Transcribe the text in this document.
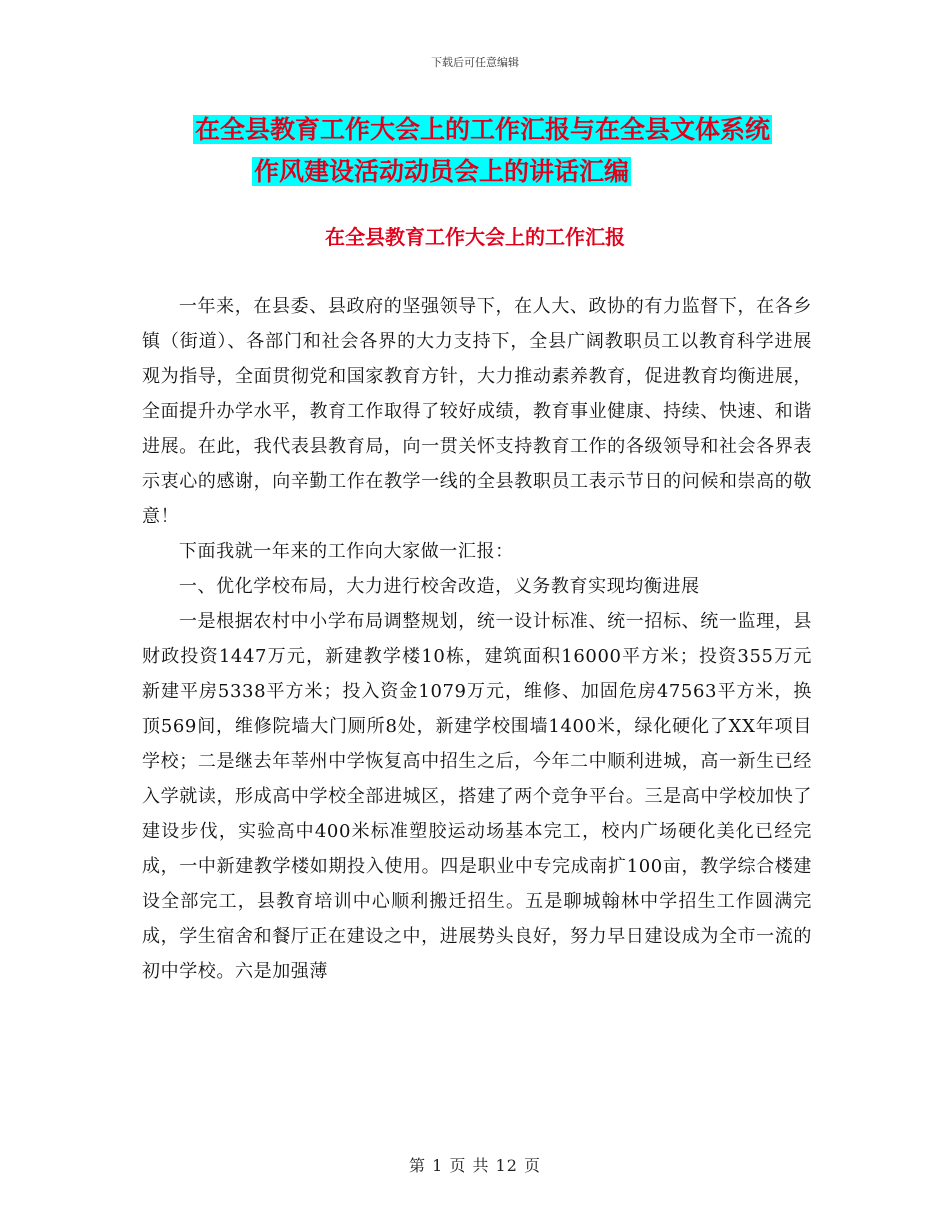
下载后可任意编辑
在全县教育工作大会上的工作汇报与在全县文体系统
作风建设活动动员会上的讲话汇编
在全县教育工作大会上的工作汇报

一年来，在县委、县政府的坚强领导下，在人大、政协的有力监督下，在各乡镇（街道）、各部门和社会各界的大力支持下，全县广阔教职员工以教育科学进展观为指导，全面贯彻党和国家教育方针，大力推动素养教育，促进教育均衡进展，全面提升办学水平，教育工作取得了较好成绩，教育事业健康、持续、快速、和谐进展。在此，我代表县教育局，向一贯关怀支持教育工作的各级领导和社会各界表示衷心的感谢，向辛勤工作在教学一线的全县教职员工表示节日的问候和崇高的敬意！

下面我就一年来的工作向大家做一汇报：

一、优化学校布局，大力进行校舍改造，义务教育实现均衡进展

一是根据农村中小学布局调整规划，统一设计标准、统一招标、统一监理，县财政投资1447万元，新建教学楼10栋，建筑面积16000平方米；投资355万元新建平房5338平方米；投入资金1079万元，维修、加固危房47563平方米，换顶569间，维修院墙大门厕所8处，新建学校围墙1400米，绿化硬化了XX年项目学校；二是继去年莘州中学恢复高中招生之后，今年二中顺利进城，高一新生已经入学就读，形成高中学校全部进城区，搭建了两个竞争平台。三是高中学校加快了建设步伐，实验高中400米标准塑胶运动场基本完工，校内广场硬化美化已经完成，一中新建教学楼如期投入使用。四是职业中专完成南扩100亩，教学综合楼建设全部完工，县教育培训中心顺利搬迁招生。五是聊城翰林中学招生工作圆满完成，学生宿舍和餐厅正在建设之中，进展势头良好，努力早日建设成为全市一流的初中学校。六是加强薄

第 1 页 共 12 页
